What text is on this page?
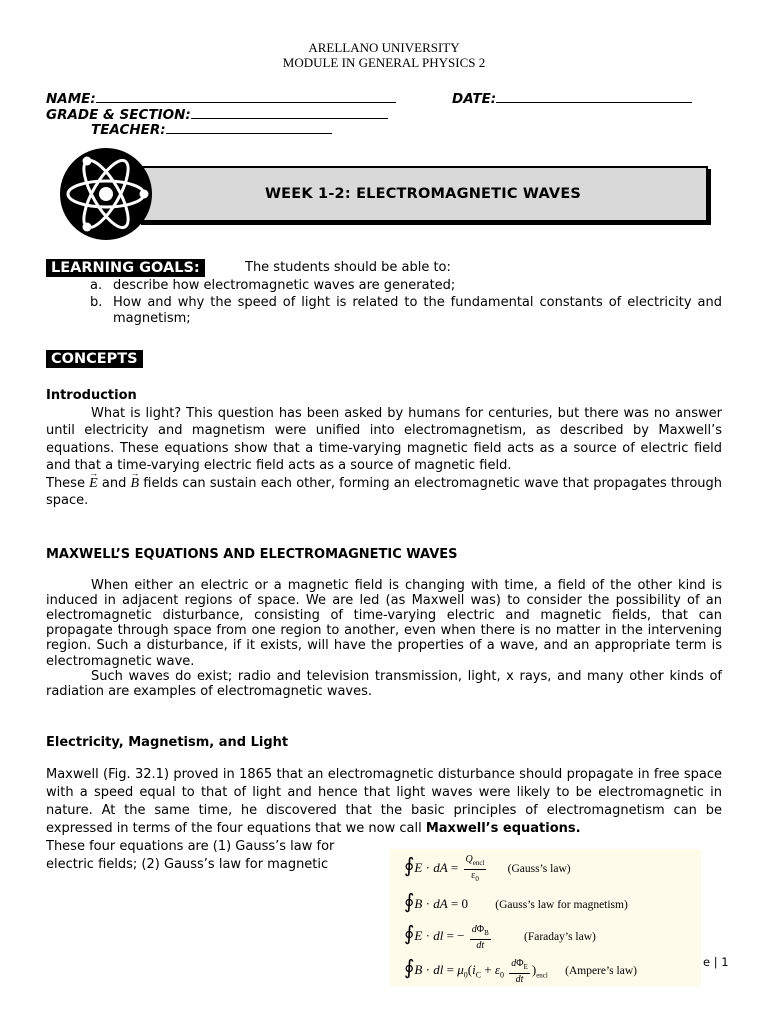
ARELLANO UNIVERSITY
MODULE IN GENERAL PHYSICS 2
NAME:	DATE:
GRADE & SECTION:
TEACHER:
WEEK 1-2: ELECTROMAGNETIC WAVES
LEARNING GOALS:	The students should be able to:
a. describe how electromagnetic waves are generated;
b. How and why the speed of light is related to the fundamental constants of electricity and magnetism;
CONCEPTS
Introduction
What is light? This question has been asked by humans for centuries, but there was no answer until electricity and magnetism were unified into electromagnetism, as described by Maxwell’s equations. These equations show that a time-varying magnetic field acts as a source of electric field and that a time-varying electric field acts as a source of magnetic field.
These → E and → B fields can sustain each other, forming an electromagnetic wave that propagates through space.
MAXWELL’S EQUATIONS AND ELECTROMAGNETIC WAVES
When either an electric or a magnetic field is changing with time, a field of the other kind is induced in adjacent regions of space. We are led (as Maxwell was) to consider the possibility of an electromagnetic disturbance, consisting of time-varying electric and magnetic fields, that can propagate through space from one region to another, even when there is no matter in the intervening region. Such a disturbance, if it exists, will have the properties of a wave, and an appropriate term is electromagnetic wave.
Such waves do exist; radio and television transmission, light, x rays, and many other kinds of radiation are examples of electromagnetic waves.
Electricity, Magnetism, and Light
Maxwell (Fig. 32.1) proved in 1865 that an electromagnetic disturbance should propagate in free space with a speed equal to that of light and hence that light waves were likely to be electromagnetic in nature. At the same time, he discovered that the basic principles of electromagnetism can be expressed in terms of the four equations that we now call Maxwell’s equations.
These four equations are (1) Gauss’s law for
electric fields; (2) Gauss’s law for magnetic	∮E · dA = $\frac{Q_{encl}}{\varepsilon_0}$ (Gauss’s law)
∮B · dA = 0 (Gauss’s law for magnetism)
∮E · dl = − $\frac{d\Phi_B}{dt}$	(Faraday’s law)
∮B · dl = $\mu_0(i_C + \varepsilon_0 \frac{d\Phi_E}{dt} )_{encl}$ (Ampere’s law)
e | 1
